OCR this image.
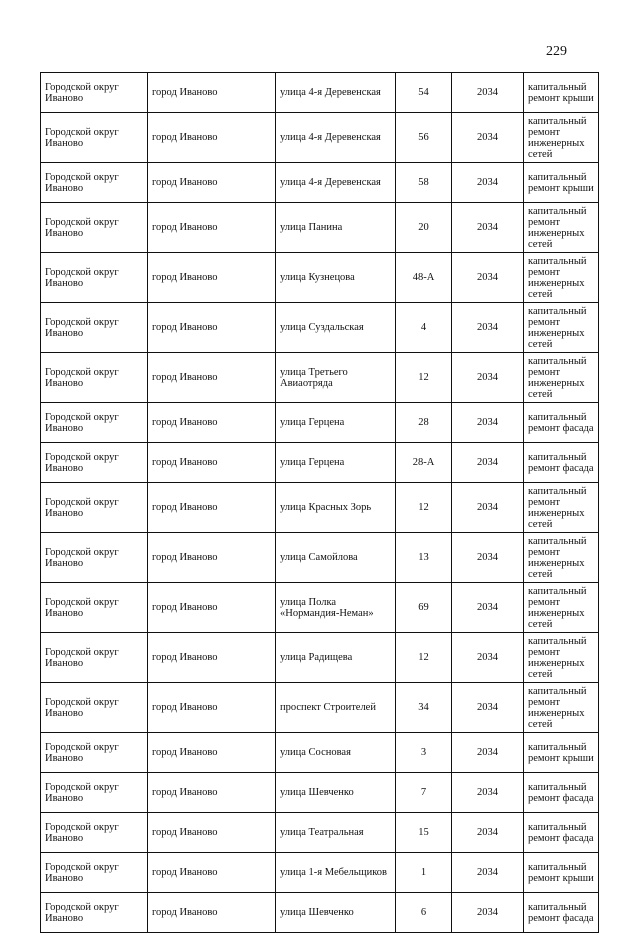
229
Городской округ Иваново	город Иваново	улица 4-я Деревенская	54	2034	капитальный ремонт крыши
Городской округ Иваново	город Иваново	улица 4-я Деревенская	56	2034	капитальный ремонт инженерных сетей
Городской округ Иваново	город Иваново	улица 4-я Деревенская	58	2034	капитальный ремонт крыши
Городской округ Иваново	город Иваново	улица Панина	20	2034	капитальный ремонт инженерных сетей
Городской округ Иваново	город Иваново	улица Кузнецова	48-А	2034	капитальный ремонт инженерных сетей
Городской округ Иваново	город Иваново	улица Суздальская	4	2034	капитальный ремонт инженерных сетей
Городской округ Иваново	город Иваново	улица Третьего Авиаотряда	12	2034	капитальный ремонт инженерных сетей
Городской округ Иваново	город Иваново	улица Герцена	28	2034	капитальный ремонт фасада
Городской округ Иваново	город Иваново	улица Герцена	28-А	2034	капитальный ремонт фасада
Городской округ Иваново	город Иваново	улица Красных Зорь	12	2034	капитальный ремонт инженерных сетей
Городской округ Иваново	город Иваново	улица Самойлова	13	2034	капитальный ремонт инженерных сетей
Городской округ Иваново	город Иваново	улица Полка «Нормандия-Неман»	69	2034	капитальный ремонт инженерных сетей
Городской округ Иваново	город Иваново	улица Радищева	12	2034	капитальный ремонт инженерных сетей
Городской округ Иваново	город Иваново	проспект Строителей	34	2034	капитальный ремонт инженерных сетей
Городской округ Иваново	город Иваново	улица Сосновая	3	2034	капитальный ремонт крыши
Городской округ Иваново	город Иваново	улица Шевченко	7	2034	капитальный ремонт фасада
Городской округ Иваново	город Иваново	улица Театральная	15	2034	капитальный ремонт фасада
Городской округ Иваново	город Иваново	улица 1-я Мебельщиков	1	2034	капитальный ремонт крыши
Городской округ Иваново	город Иваново	улица Шевченко	6	2034	капитальный ремонт фасада
